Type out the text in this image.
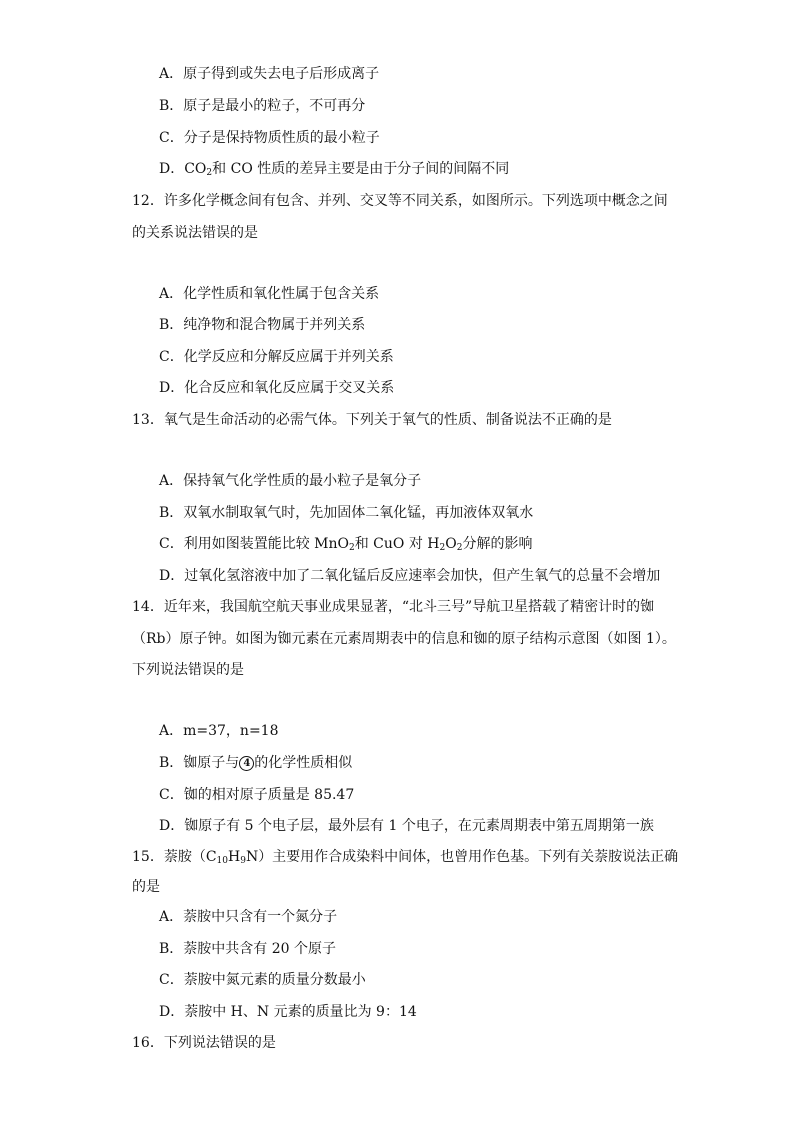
A．原子得到或失去电子后形成离子
B．原子是最小的粒子，不可再分
C．分子是保持物质性质的最小粒子
D．$CO_2$和 CO 性质的差异主要是由于分子间的间隔不同
12．许多化学概念间有包含、并列、交叉等不同关系，如图所示。下列选项中概念之间
的关系说法错误的是
A．化学性质和氧化性属于包含关系
B．纯净物和混合物属于并列关系
C．化学反应和分解反应属于并列关系
D．化合反应和氧化反应属于交叉关系
13．氧气是生命活动的必需气体。下列关于氧气的性质、制备说法不正确的是
A．保持氧气化学性质的最小粒子是氧分子
B．双氧水制取氧气时，先加固体二氧化锰，再加液体双氧水
C．利用如图装置能比较 MnO$_2$和 CuO 对 $H_2O_2$分解的影响
D．过氧化氢溶液中加了二氧化锰后反应速率会加快，但产生氧气的总量不会增加
14．近年来，我国航空航天事业成果显著，“北斗三号”导航卫星搭载了精密计时的铷
（Rb）原子钟。如图为铷元素在元素周期表中的信息和铷的原子结构示意图（如图 1）。
下列说法错误的是
A．m=37，n=18
B．铷原子与 4 的化学性质相似
C．铷的相对原子质量是 85.47
D．铷原子有 5 个电子层，最外层有 1 个电子，在元素周期表中第五周期第一族
15．萘胺$(C_{10}H_9N)$主要用作合成染料中间体，也曾用作色基。下列有关萘胺说法正确
的是
A．萘胺中只含有一个氮分子
B．萘胺中共含有 20 个原子
C．萘胺中氮元素的质量分数最小
D．萘胺中 H、N 元素的质量比为 9：14
16．下列说法错误的是
